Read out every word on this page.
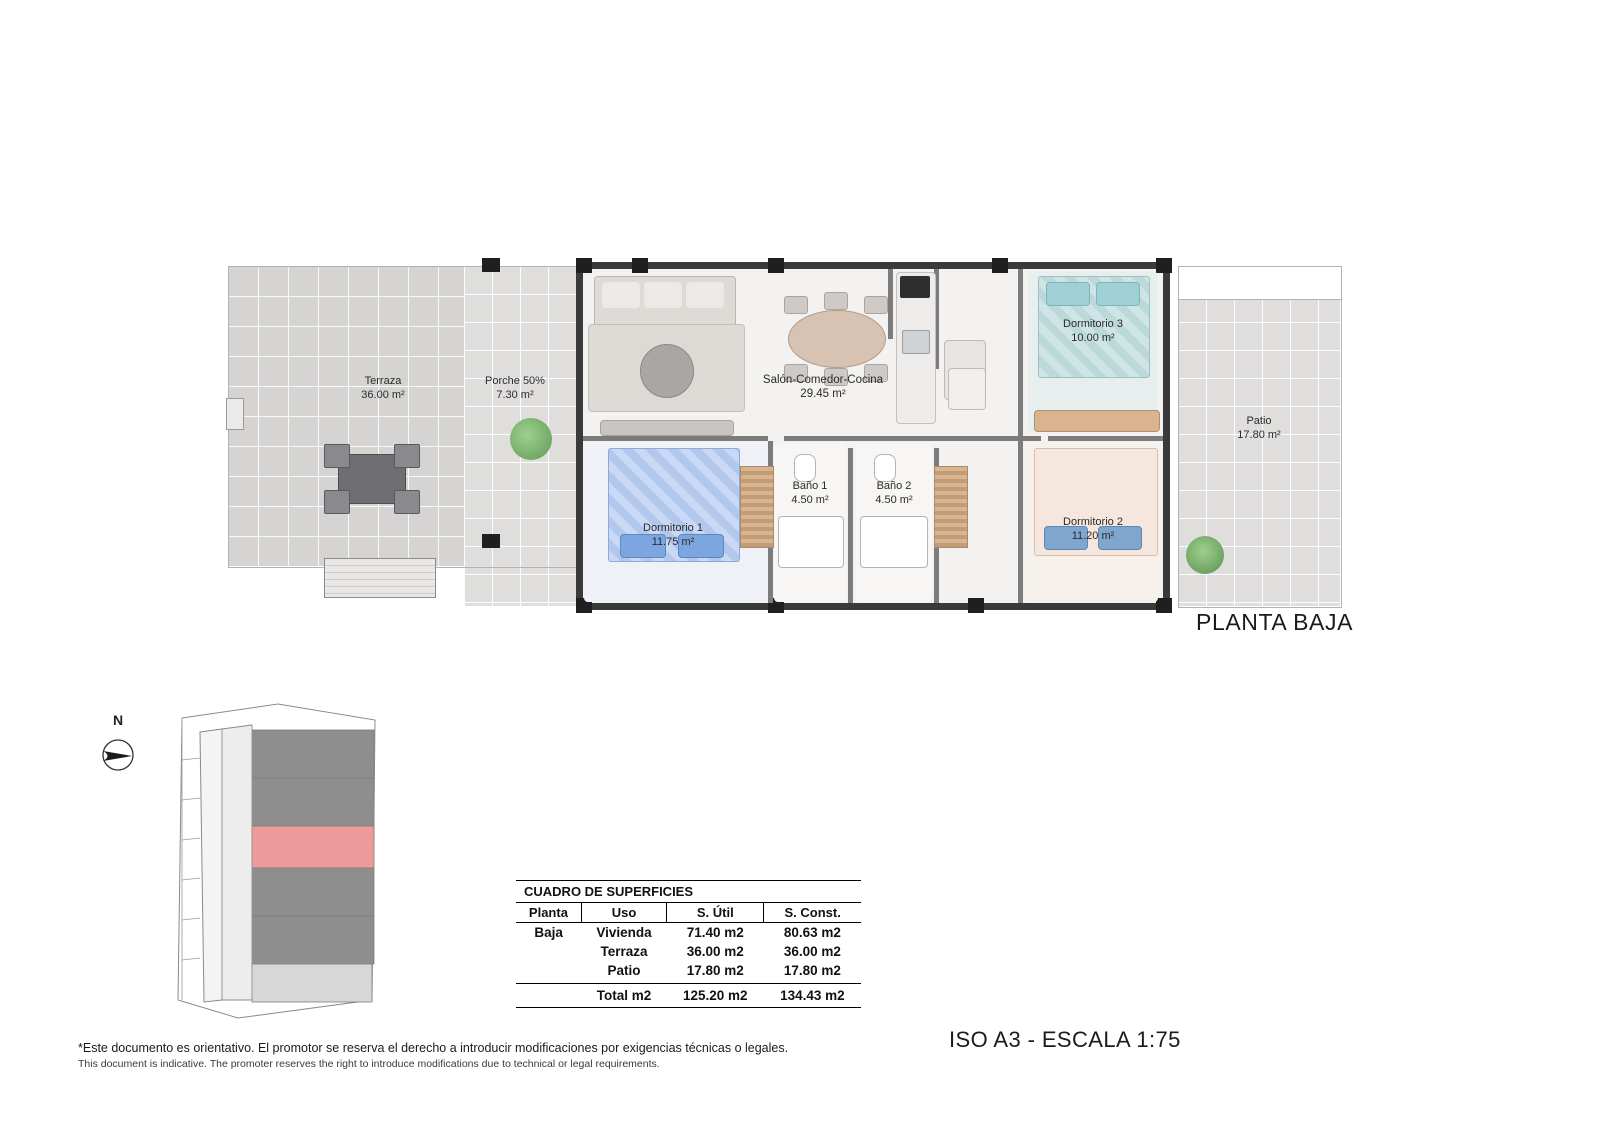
Terraza
36.00 m²
Porche 50%
7.30 m²
Salón-Comedor-Cocina
29.45 m²
Dormitorio 3
10.00 m²
Patio
17.80 m²
Dormitorio 1
11.75 m²
Baño 1
4.50 m²
Baño 2
4.50 m²
Dormitorio 2
11.20 m²
PLANTA BAJA
ISO A3 - ESCALA 1:75
N
CUADRO DE SUPERFICIES			
Planta	Uso	S. Útil	S. Const.
Baja	Vivienda	71.40 m2	80.63 m2
	Terraza	36.00 m2	36.00 m2
	Patio	17.80 m2	17.80 m2
	Total m2	125.20 m2	134.43 m2
*Este documento es orientativo. El promotor se reserva el derecho a introducir modificaciones por exigencias técnicas o legales.
This document is indicative. The promoter reserves the right to introduce modifications due to technical or legal requirements.
